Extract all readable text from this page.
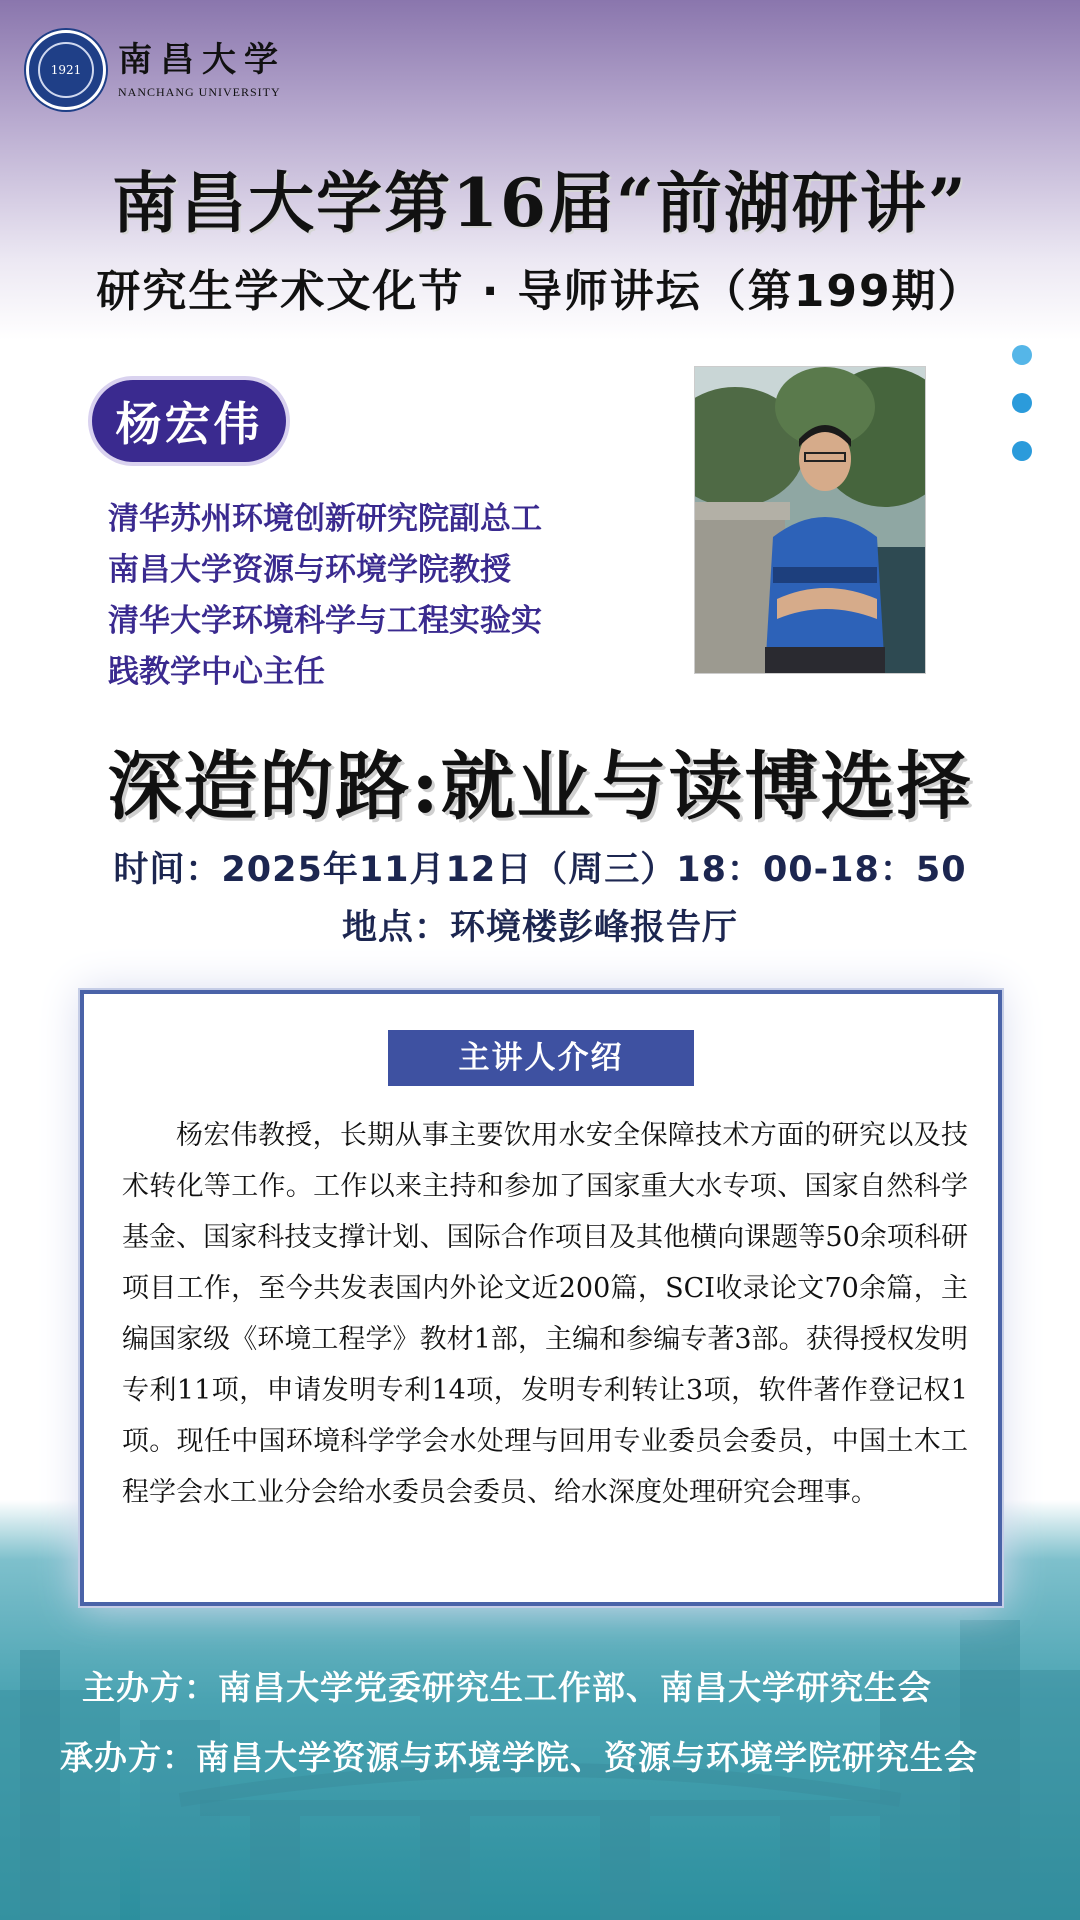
1921	南昌大学
NANCHANG UNIVERSITY
南昌大学第16届“前湖研讲”
研究生学术文化节 · 导师讲坛（第199期）
杨宏伟
清华苏州环境创新研究院副总工
南昌大学资源与环境学院教授
清华大学环境科学与工程实验实
践教学中心主任
深造的路:就业与读博选择
时间：2025年11月12日（周三）18：00-18：50
地点：环境楼彭峰报告厅
主讲人介绍
杨宏伟教授，长期从事主要饮用水安全保障技术方面的研究以及技术转化等工作。工作以来主持和参加了国家重大水专项、国家自然科学基金、国家科技支撑计划、国际合作项目及其他横向课题等50余项科研项目工作，至今共发表国内外论文近200篇，SCI收录论文70余篇，主编国家级《环境工程学》教材1部，主编和参编专著3部。获得授权发明专利11项，申请发明专利14项，发明专利转让3项，软件著作登记权1项。现任中国环境科学学会水处理与回用专业委员会委员，中国土木工程学会水工业分会给水委员会委员、给水深度处理研究会理事。
主办方：南昌大学党委研究生工作部、南昌大学研究生会
承办方：南昌大学资源与环境学院、资源与环境学院研究生会
